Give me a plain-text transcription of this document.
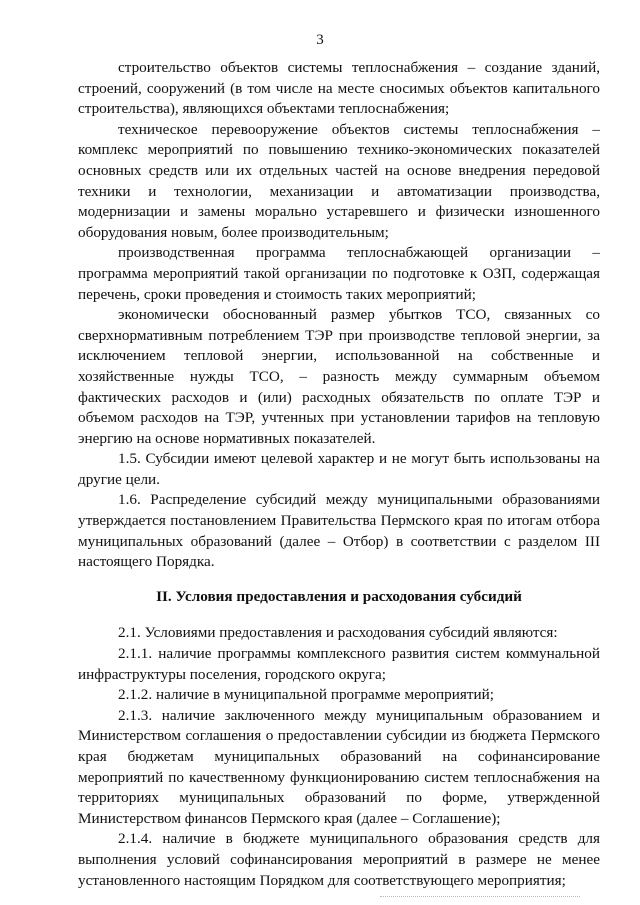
3

строительство объектов системы теплоснабжения – создание зданий, строений, сооружений (в том числе на месте сносимых объектов капитального строительства), являющихся объектами теплоснабжения;

техническое перевооружение объектов системы теплоснабжения – комплекс мероприятий по повышению технико-экономических показателей основных средств или их отдельных частей на основе внедрения передовой техники и технологии, механизации и автоматизации производства, модернизации и замены морально устаревшего и физически изношенного оборудования новым, более производительным;

производственная программа теплоснабжающей организации – программа мероприятий такой организации по подготовке к ОЗП, содержащая перечень, сроки проведения и стоимость таких мероприятий;

экономически обоснованный размер убытков ТСО, связанных со сверхнормативным потреблением ТЭР при производстве тепловой энергии, за исключением тепловой энергии, использованной на собственные и хозяйственные нужды ТСО, – разность между суммарным объемом фактических расходов и (или) расходных обязательств по оплате ТЭР и объемом расходов на ТЭР, учтенных при установлении тарифов на тепловую энергию на основе нормативных показателей.

1.5. Субсидии имеют целевой характер и не могут быть использованы на другие цели.

1.6. Распределение субсидий между муниципальными образованиями утверждается постановлением Правительства Пермского края по итогам отбора муниципальных образований (далее – Отбор) в соответствии с разделом III настоящего Порядка.

II. Условия предоставления и расходования субсидий

2.1. Условиями предоставления и расходования субсидий являются:

2.1.1. наличие программы комплексного развития систем коммунальной инфраструктуры поселения, городского округа;

2.1.2. наличие в муниципальной программе мероприятий;

2.1.3. наличие заключенного между муниципальным образованием и Министерством соглашения о предоставлении субсидии из бюджета Пермского края бюджетам муниципальных образований на софинансирование мероприятий по качественному функционированию систем теплоснабжения на территориях муниципальных образований по форме, утвержденной Министерством финансов Пермского края (далее – Соглашение);

2.1.4. наличие в бюджете муниципального образования средств для выполнения условий софинансирования мероприятий в размере не менее установленного настоящим Порядком для соответствующего мероприятия;
